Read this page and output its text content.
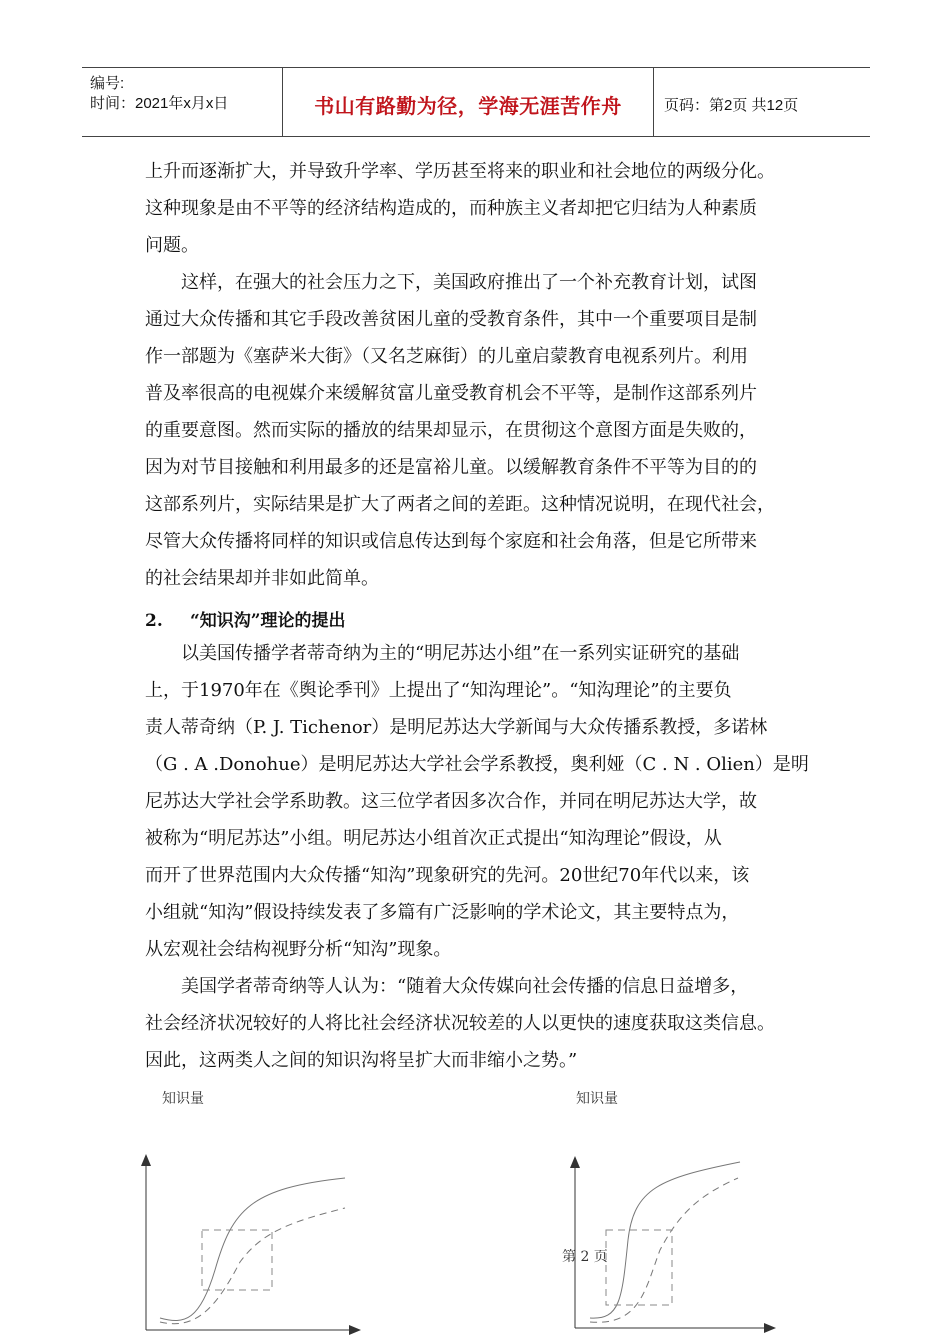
编号:
时间：2021年x月x日	书山有路勤为径，学海无涯苦作舟	页码：第2页 共12页
上升而逐渐扩大，并导致升学率、学历甚至将来的职业和社会地位的两级分化。
这种现象是由不平等的经济结构造成的，而种族主义者却把它归结为人种素质
问题。
这样，在强大的社会压力之下，美国政府推出了一个补充教育计划，试图
通过大众传播和其它手段改善贫困儿童的受教育条件，其中一个重要项目是制
作一部题为《塞萨米大街》（又名芝麻街）的儿童启蒙教育电视系列片。利用
普及率很高的电视媒介来缓解贫富儿童受教育机会不平等，是制作这部系列片
的重要意图。然而实际的播放的结果却显示，在贯彻这个意图方面是失败的，
因为对节目接触和利用最多的还是富裕儿童。以缓解教育条件不平等为目的的
这部系列片，实际结果是扩大了两者之间的差距。这种情况说明，在现代社会，
尽管大众传播将同样的知识或信息传达到每个家庭和社会角落，但是它所带来
的社会结果却并非如此简单。
2. “知识沟”理论的提出
以美国传播学者蒂奇纳为主的“明尼苏达小组”在一系列实证研究的基础
上，于1970年在《舆论季刊》上提出了“知沟理论”。“知沟理论”的主要负
责人蒂奇纳（P. J. Tichenor）是明尼苏达大学新闻与大众传播系教授，多诺林
（G . A .Donohue）是明尼苏达大学社会学系教授，奥利娅（C . N . Olien）是明
尼苏达大学社会学系助教。这三位学者因多次合作，并同在明尼苏达大学，故
被称为“明尼苏达”小组。明尼苏达小组首次正式提出“知沟理论”假设，从
而开了世界范围内大众传播“知沟”现象研究的先河。20世纪70年代以来，该
小组就“知沟”假设持续发表了多篇有广泛影响的学术论文，其主要特点为，
从宏观社会结构视野分析“知沟”现象。
美国学者蒂奇纳等人认为：“随着大众传媒向社会传播的信息日益增多，
社会经济状况较好的人将比社会经济状况较差的人以更快的速度获取这类信息。
因此，这两类人之间的知识沟将呈扩大而非缩小之势。”
知识量	知识量
第 2 页
